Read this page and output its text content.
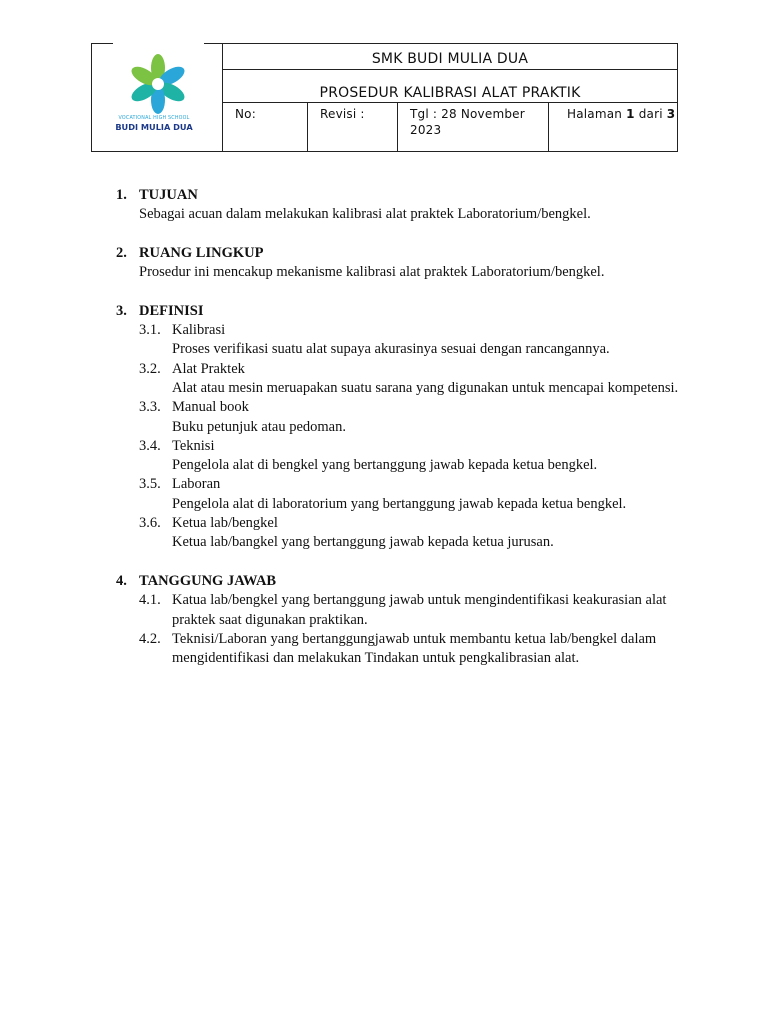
VOCATIONAL HIGH SCHOOL
BUDI MULIA DUA
SMK BUDI MULIA DUA
PROSEDUR KALIBRASI ALAT PRAKTIK
No:	Revisi :	Tgl : 28 November 2023
Halaman 1 dari 3
1. TUJUAN
Sebagai acuan dalam melakukan kalibrasi alat praktek Laboratorium/bengkel.
2. RUANG LINGKUP
Prosedur ini mencakup mekanisme kalibrasi alat praktek Laboratorium/bengkel.
3. DEFINISI
3.1. Kalibrasi
Proses verifikasi suatu alat supaya akurasinya sesuai dengan rancangannya.
3.2. Alat Praktek
Alat atau mesin meruapakan suatu sarana yang digunakan untuk mencapai kompetensi.
3.3. Manual book
Buku petunjuk atau pedoman.
3.4. Teknisi
Pengelola alat di bengkel yang bertanggung jawab kepada ketua bengkel.
3.5. Laboran
Pengelola alat di laboratorium yang bertanggung jawab kepada ketua bengkel.
3.6. Ketua lab/bengkel
Ketua lab/bangkel yang bertanggung jawab kepada ketua jurusan.
4. TANGGUNG JAWAB
4.1. Katua lab/bengkel yang bertanggung jawab untuk mengindentifikasi keakurasian alat praktek saat digunakan praktikan.
4.2. Teknisi/Laboran yang bertanggungjawab untuk membantu ketua lab/bengkel dalam mengidentifikasi dan melakukan Tindakan untuk pengkalibrasian alat.
